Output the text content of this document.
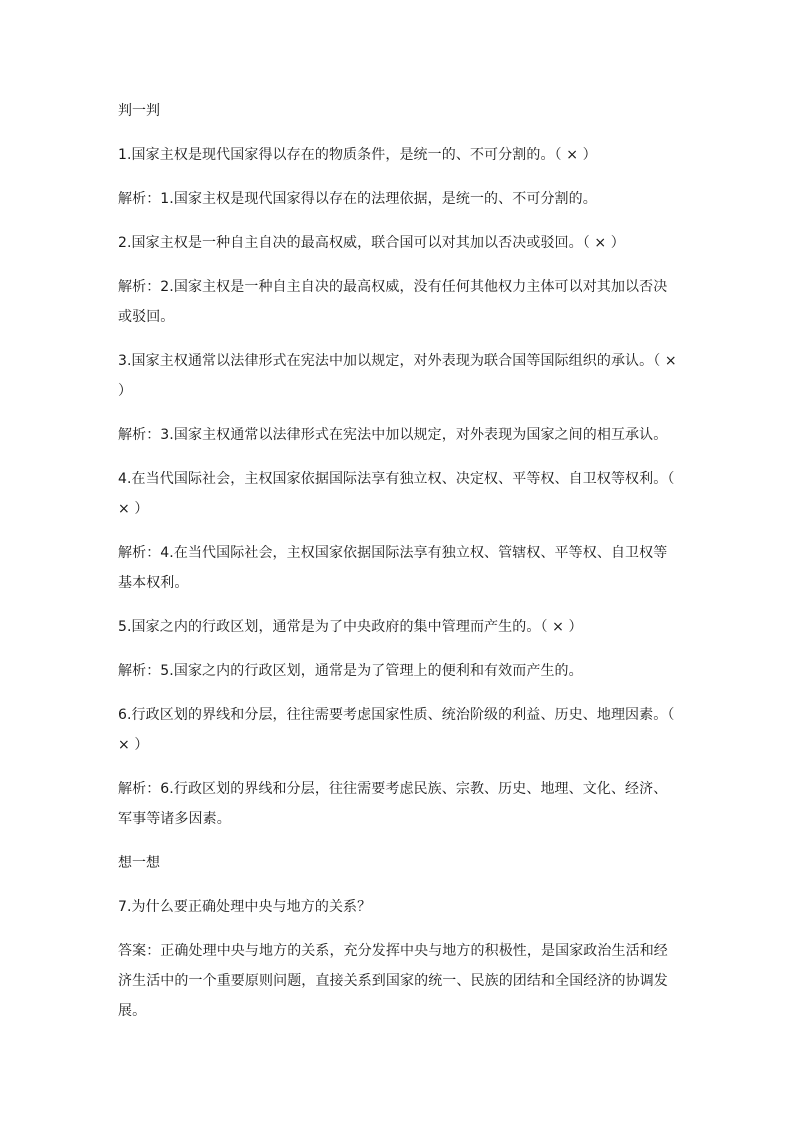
判一判
1.国家主权是现代国家得以存在的物质条件，是统一的、不可分割的。（ × ）
解析：1.国家主权是现代国家得以存在的法理依据，是统一的、不可分割的。
2.国家主权是一种自主自决的最高权威，联合国可以对其加以否决或驳回。（ × ）
解析：2.国家主权是一种自主自决的最高权威，没有任何其他权力主体可以对其加以否决或驳回。
3.国家主权通常以法律形式在宪法中加以规定，对外表现为联合国等国际组织的承认。（ × ）
解析：3.国家主权通常以法律形式在宪法中加以规定，对外表现为国家之间的相互承认。
4.在当代国际社会，主权国家依据国际法享有独立权、决定权、平等权、自卫权等权利。（ × ）
解析：4.在当代国际社会，主权国家依据国际法享有独立权、管辖权、平等权、自卫权等基本权利。
5.国家之内的行政区划，通常是为了中央政府的集中管理而产生的。（ × ）
解析：5.国家之内的行政区划，通常是为了管理上的便利和有效而产生的。
6.行政区划的界线和分层，往往需要考虑国家性质、统治阶级的利益、历史、地理因素。（ × ）
解析：6.行政区划的界线和分层，往往需要考虑民族、宗教、历史、地理、文化、经济、军事等诸多因素。
想一想
7.为什么要正确处理中央与地方的关系？
答案：正确处理中央与地方的关系，充分发挥中央与地方的积极性，是国家政治生活和经济生活中的一个重要原则问题，直接关系到国家的统一、民族的团结和全国经济的协调发展。
